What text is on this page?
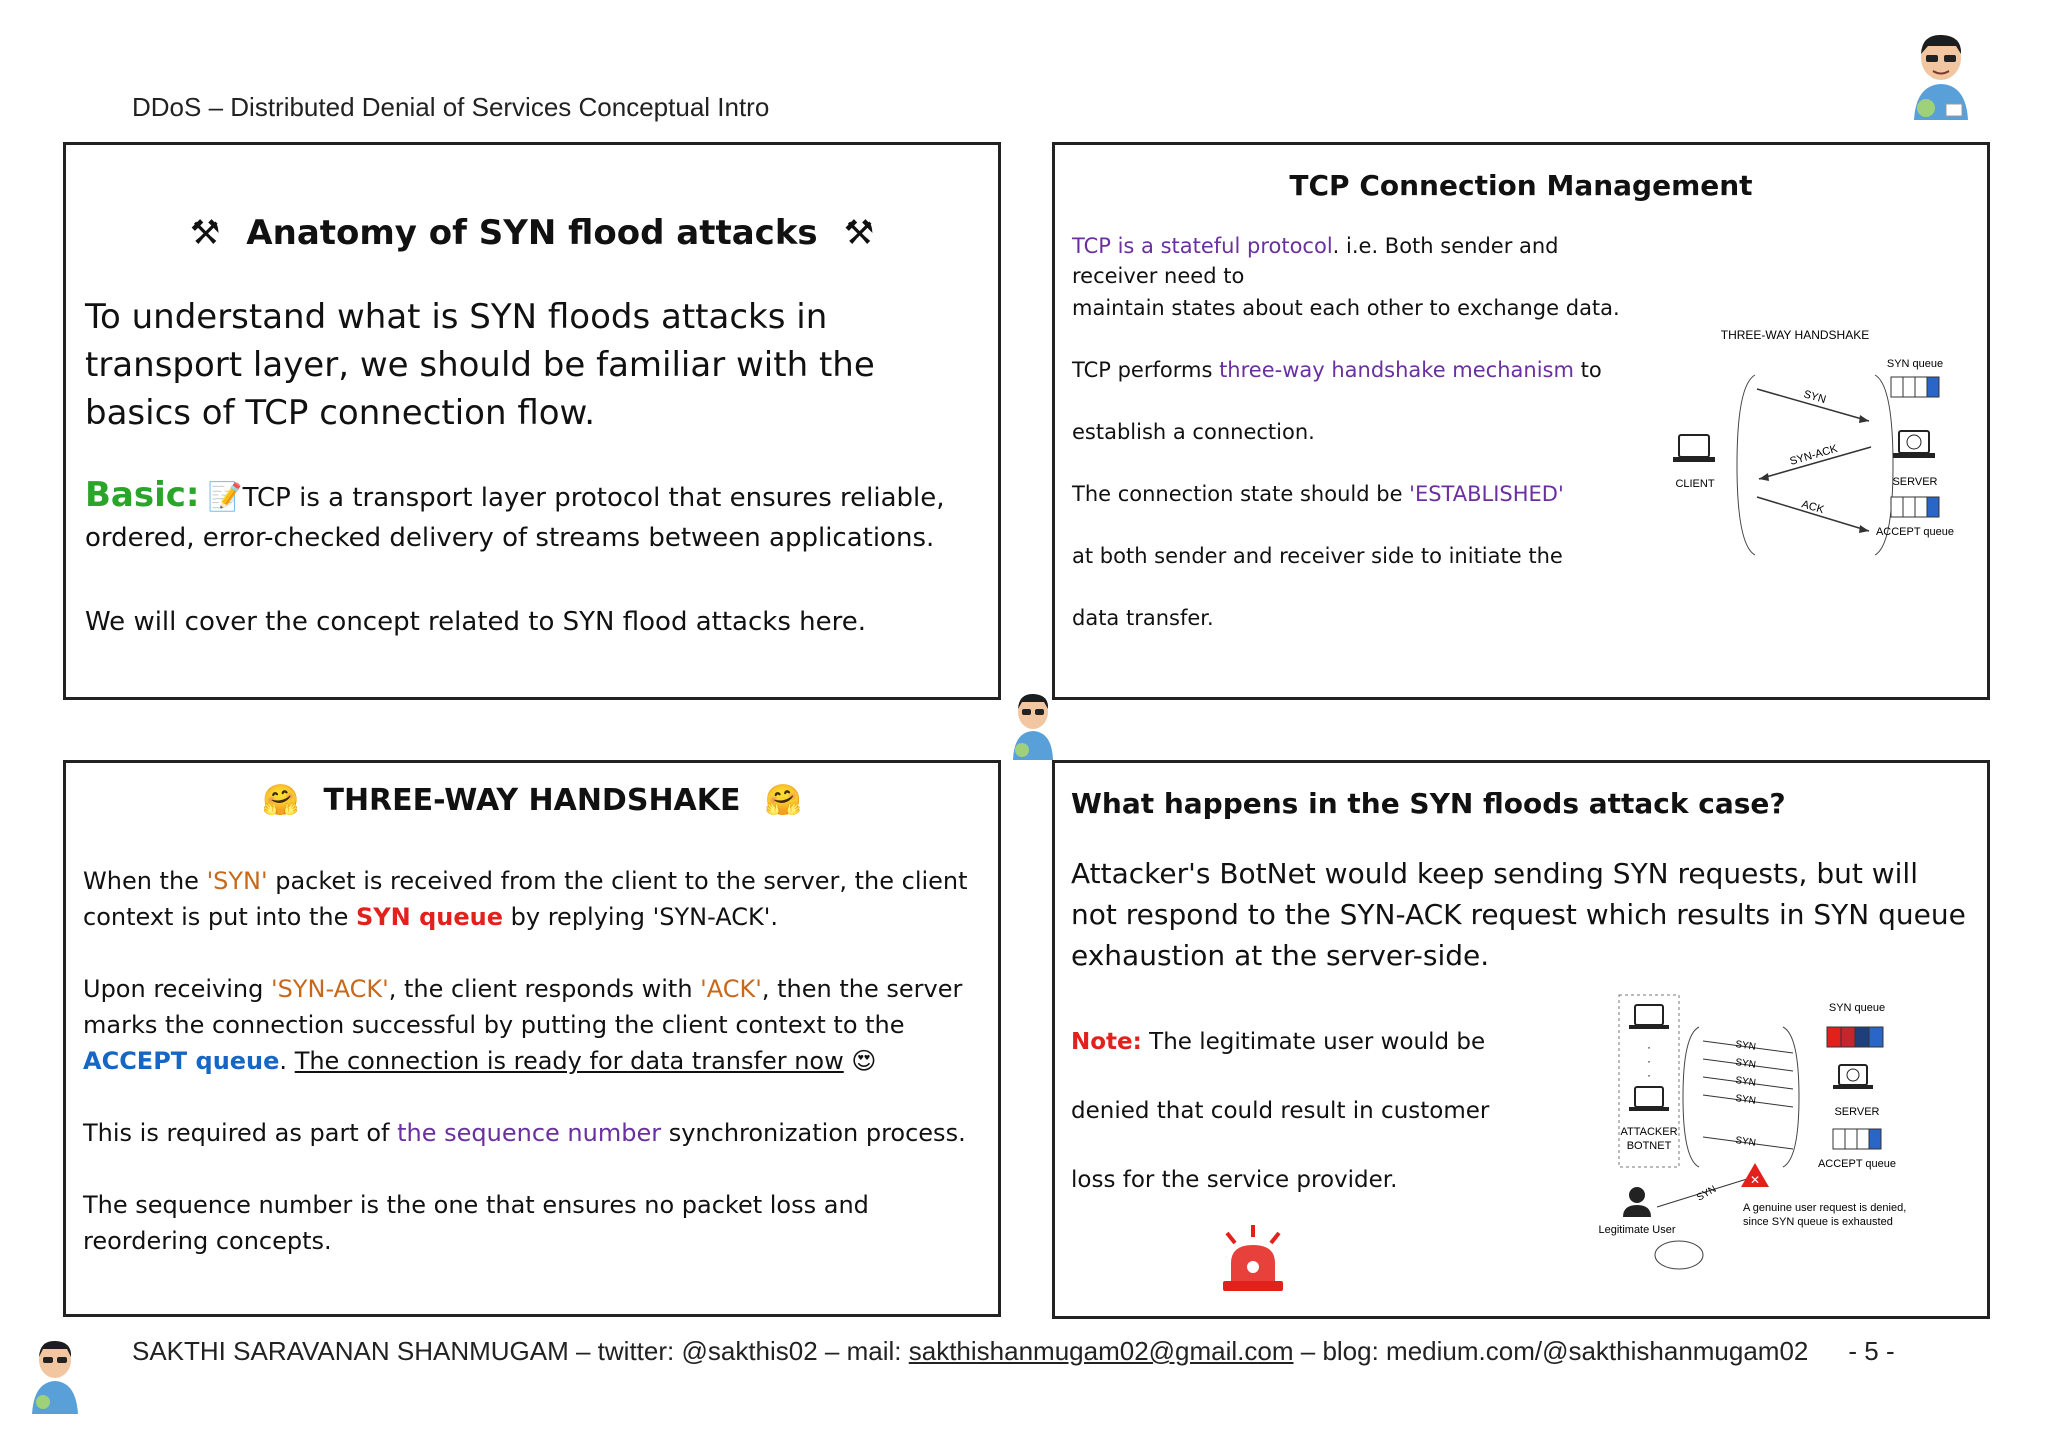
DDoS – Distributed Denial of Services Conceptual Intro
⚒ Anatomy of SYN flood attacks ⚒
To understand what is SYN floods attacks in transport layer, we should be familiar with the basics of TCP connection flow.
Basic: 📝TCP is a transport layer protocol that ensures reliable, ordered, error-checked delivery of streams between applications.
We will cover the concept related to SYN flood attacks here.
TCP Connection Management
TCP is a stateful protocol. i.e. Both sender and receiver need to
maintain states about each other to exchange data.
TCP performs three-way handshake mechanism to
establish a connection.
The connection state should be 'ESTABLISHED'
at both sender and receiver side to initiate the
data transfer.
THREE-WAY HANDSHAKE
SYN queue
SYN
SYN-ACK
ACK
CLIENT	SERVER
ACCEPT queue
🤗 THREE-WAY HANDSHAKE 🤗

When the 'SYN' packet is received from the client to the server, the client context is put into the SYN queue by replying 'SYN-ACK'.

Upon receiving 'SYN-ACK', the client responds with 'ACK', then the server marks the connection successful by putting the client context to the ACCEPT queue. The connection is ready for data transfer now 😍

This is required as part of the sequence number synchronization process.

The sequence number is the one that ensures no packet loss and reordering concepts.

What happens in the SYN floods attack case?
Attacker's BotNet would keep sending SYN requests, but will not respond to the SYN-ACK request which results in SYN queue exhaustion at the server-side.
Note: The legitimate user would be
denied that could result in customer
loss for the service provider.
·
·
·
ATTACKER
BOTNET
SYN
SYN
SYN
SYN
SYN
SYN queue
SERVER
ACCEPT queue
Legitimate User
SYN
✕
A genuine user request is denied,
since SYN queue is exhausted
SAKTHI SARAVANAN SHANMUGAM – twitter: @sakthis02 – mail: sakthishanmugam02@gmail.com – blog: medium.com/@sakthishanmugam02 - 5 -
